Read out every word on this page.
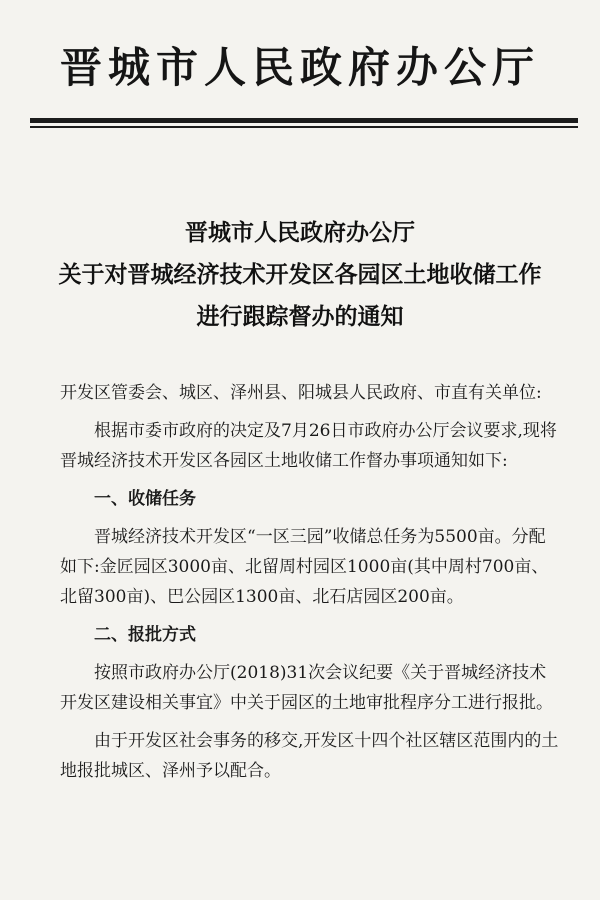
晋城市人民政府办公厅
晋城市人民政府办公厅
关于对晋城经济技术开发区各园区土地收储工作
进行跟踪督办的通知

开发区管委会、城区、泽州县、阳城县人民政府、市直有关单位:

根据市委市政府的决定及7月26日市政府办公厅会议要求,现将晋城经济技术开发区各园区土地收储工作督办事项通知如下:

一、收储任务

晋城经济技术开发区“一区三园”收储总任务为5500亩。分配如下:金匠园区3000亩、北留周村园区1000亩(其中周村700亩、北留300亩)、巴公园区1300亩、北石店园区200亩。

二、报批方式

按照市政府办公厅(2018)31次会议纪要《关于晋城经济技术开发区建设相关事宜》中关于园区的土地审批程序分工进行报批。

由于开发区社会事务的移交,开发区十四个社区辖区范围内的土地报批城区、泽州予以配合。
